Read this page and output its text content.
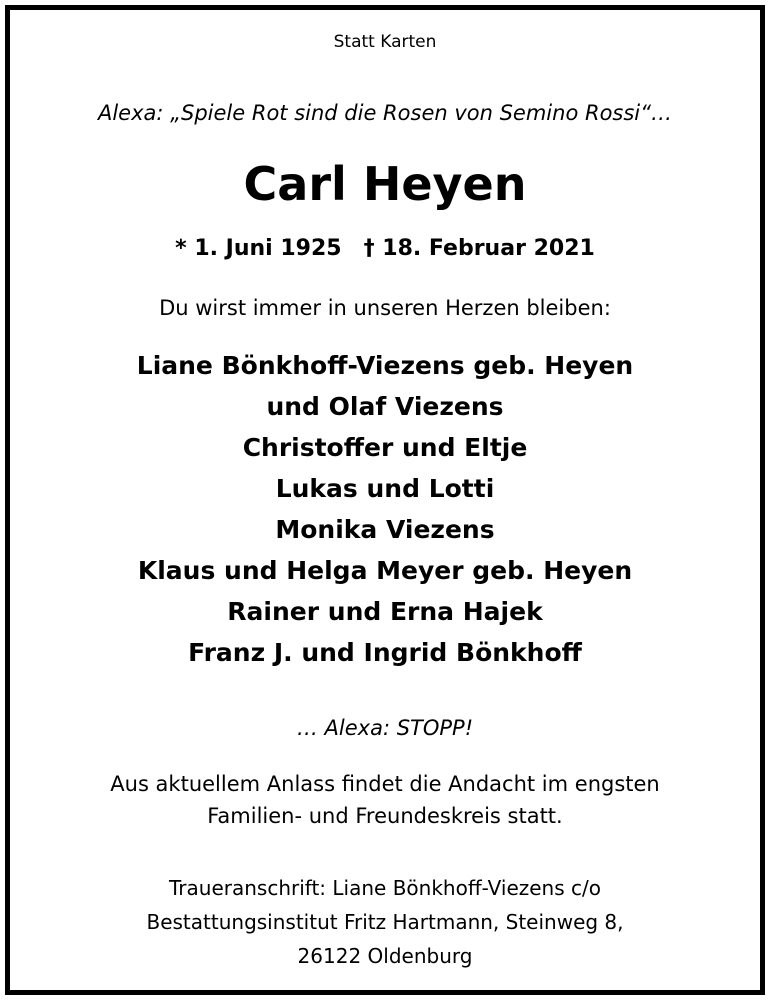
Statt Karten

Alexa: „Spiele Rot sind die Rosen von Semino Rossi“…

Carl Heyen

* 1. Juni 1925 † 18. Februar 2021

Du wirst immer in unseren Herzen bleiben:

Liane Bönkhoff-Viezens geb. Heyen
und Olaf Viezens
Christoffer und Eltje
Lukas und Lotti
Monika Viezens
Klaus und Helga Meyer geb. Heyen
Rainer und Erna Hajek
Franz J. und Ingrid Bönkhoff

… Alexa: STOPP!

Aus aktuellem Anlass findet die Andacht im engsten
Familien- und Freundeskreis statt.
Traueranschrift: Liane Bönkhoff-Viezens c/o
Bestattungsinstitut Fritz Hartmann, Steinweg 8,
26122 Oldenburg
